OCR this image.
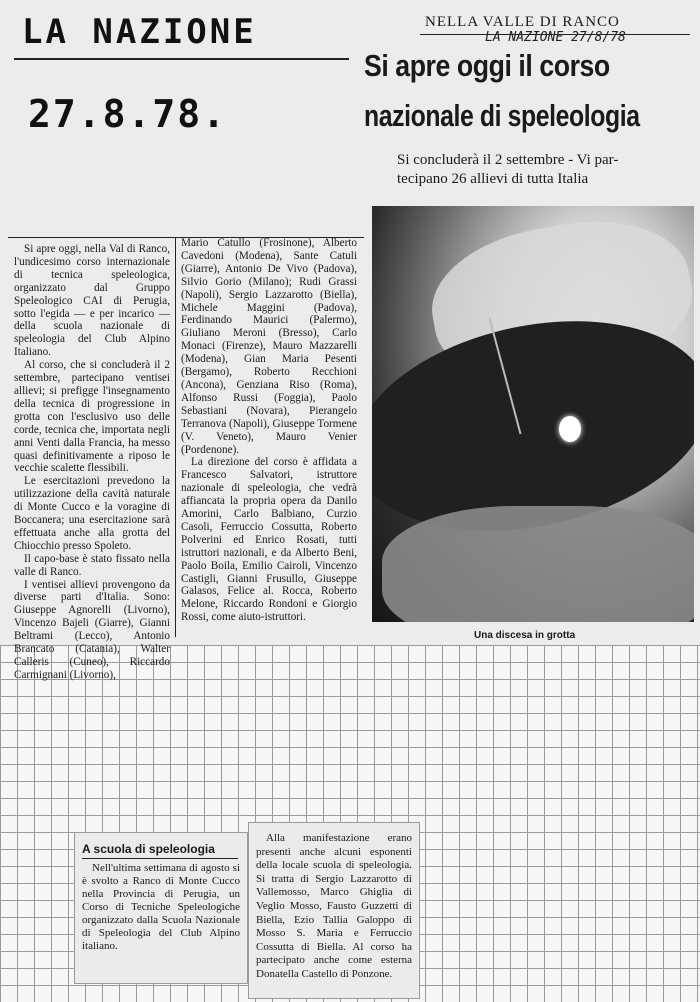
LA NAZIONE
27.8.78.
NELLA VALLE DI RANCO
LA NAZIONE 27/8/78
Si apre oggi il corso
nazionale di speleologia
Si concluderà il 2 settembre - Vi par-
tecipano 26 allievi di tutta Italia
Una discesa in grotta

Si apre oggi, nella Val di Ranco, l'undicesimo corso internazionale di tecnica speleologica, organizzato dal Gruppo Speleologico CAI di Perugia, sotto l'egida — e per incarico — della scuola nazionale di speleologia del Club Alpino Italiano.

Al corso, che si concluderà il 2 settembre, partecipano ventisei allievi; si prefigge l'insegnamento della tecnica di progressione in grotta con l'esclusivo uso delle corde, tecnica che, importata negli anni Venti dalla Francia, ha messo quasi definitivamente a riposo le vecchie scalette flessibili.

Le esercitazioni prevedono la utilizzazione della cavità naturale di Monte Cucco e la voragine di Boccanera; una esercitazione sarà effettuata anche alla grotta del Chiocchio presso Spoleto.

Il capo-base è stato fissato nella valle di Ranco.

I ventisei allievi provengono da diverse parti d'Italia. Sono: Giuseppe Agnorelli (Livorno), Vincenzo Bajeli (Giarre), Gianni Beltrami (Lecco), Antonio Brancato (Catania), Walter Calleris (Cuneo), Riccardo Carmignani (Livorno),

Mario Catullo (Frosinone), Alberto Cavedoni (Modena), Sante Catuli (Giarre), Antonio De Vivo (Padova), Silvio Gorio (Milano); Rudi Grassi (Napoli), Sergio Lazzarotto (Biella), Michele Maggini (Padova), Ferdinando Maurici (Palermo), Giuliano Meroni (Bresso), Carlo Monaci (Firenze), Mauro Mazzarelli (Modena), Gian Maria Pesenti (Bergamo), Roberto Recchioni (Ancona), Genziana Riso (Roma), Alfonso Russi (Foggia), Paolo Sebastiani (Novara), Pierangelo Terranova (Napoli), Giuseppe Tormene (V. Veneto), Mauro Venier (Pordenone).

La direzione del corso è affidata a Francesco Salvatori, istruttore nazionale di speleologia, che vedrà affiancata la propria opera da Danilo Amorini, Carlo Balbiano, Curzio Casoli, Ferruccio Cossutta, Roberto Polverini ed Enrico Rosati, tutti istruttori nazionali, e da Alberto Beni, Paolo Boila, Emilio Cairoli, Vincenzo Castigli, Gianni Frusullo, Giuseppe Galasos, Felice al. Rocca, Roberto Melone, Riccardo Rondoni e Giorgio Rossi, come aiuto-istruttori.

A scuola di speleologia
Nell'ultima settimana di agosto si è svolto a Ranco di Monte Cucco nella Provincia di Perugia, un Corso di Tecniche Speleologiche organizzato dalla Scuola Nazionale di Speleologia del Club Alpino italiano.
Alla manifestazione erano presenti anche alcuni esponenti della locale scuola di speleologia. Si tratta di Sergio Lazzarotto di Vallemosso, Marco Ghiglia di Veglio Mosso, Fausto Guzzetti di Biella, Ezio Tallia Galoppo di Mosso S. Maria e Ferruccio Cossutta di Biella. Al corso ha partecipato anche come esterna Donatella Castello di Ponzone.
